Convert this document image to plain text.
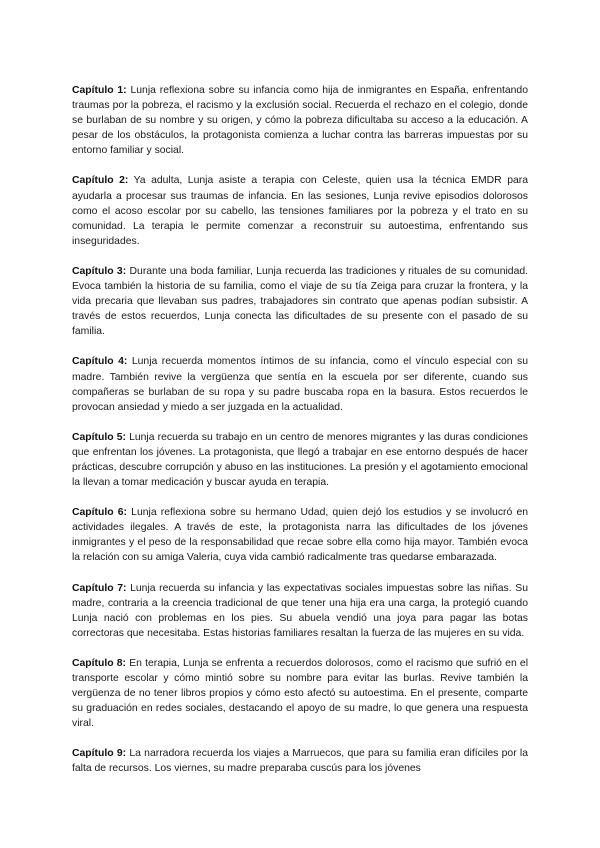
Capítulo 1: Lunja reflexiona sobre su infancia como hija de inmigrantes en España, enfrentando traumas por la pobreza, el racismo y la exclusión social. Recuerda el rechazo en el colegio, donde se burlaban de su nombre y su origen, y cómo la pobreza dificultaba su acceso a la educación. A pesar de los obstáculos, la protagonista comienza a luchar contra las barreras impuestas por su entorno familiar y social.

Capítulo 2: Ya adulta, Lunja asiste a terapia con Celeste, quien usa la técnica EMDR para ayudarla a procesar sus traumas de infancia. En las sesiones, Lunja revive episodios dolorosos como el acoso escolar por su cabello, las tensiones familiares por la pobreza y el trato en su comunidad. La terapia le permite comenzar a reconstruir su autoestima, enfrentando sus inseguridades.

Capítulo 3: Durante una boda familiar, Lunja recuerda las tradiciones y rituales de su comunidad. Evoca también la historia de su familia, como el viaje de su tía Zeiga para cruzar la frontera, y la vida precaria que llevaban sus padres, trabajadores sin contrato que apenas podían subsistir. A través de estos recuerdos, Lunja conecta las dificultades de su presente con el pasado de su familia.

Capítulo 4: Lunja recuerda momentos íntimos de su infancia, como el vínculo especial con su madre. También revive la vergüenza que sentía en la escuela por ser diferente, cuando sus compañeras se burlaban de su ropa y su padre buscaba ropa en la basura. Estos recuerdos le provocan ansiedad y miedo a ser juzgada en la actualidad.

Capítulo 5: Lunja recuerda su trabajo en un centro de menores migrantes y las duras condiciones que enfrentan los jóvenes. La protagonista, que llegó a trabajar en ese entorno después de hacer prácticas, descubre corrupción y abuso en las instituciones. La presión y el agotamiento emocional la llevan a tomar medicación y buscar ayuda en terapia.

Capítulo 6: Lunja reflexiona sobre su hermano Udad, quien dejó los estudios y se involucró en actividades ilegales. A través de este, la protagonista narra las dificultades de los jóvenes inmigrantes y el peso de la responsabilidad que recae sobre ella como hija mayor. También evoca la relación con su amiga Valeria, cuya vida cambió radicalmente tras quedarse embarazada.

Capítulo 7: Lunja recuerda su infancia y las expectativas sociales impuestas sobre las niñas. Su madre, contraria a la creencia tradicional de que tener una hija era una carga, la protegió cuando Lunja nació con problemas en los pies. Su abuela vendió una joya para pagar las botas correctoras que necesitaba. Estas historias familiares resaltan la fuerza de las mujeres en su vida.

Capítulo 8: En terapia, Lunja se enfrenta a recuerdos dolorosos, como el racismo que sufrió en el transporte escolar y cómo mintió sobre su nombre para evitar las burlas. Revive también la vergüenza de no tener libros propios y cómo esto afectó su autoestima. En el presente, comparte su graduación en redes sociales, destacando el apoyo de su madre, lo que genera una respuesta viral.

Capítulo 9: La narradora recuerda los viajes a Marruecos, que para su familia eran difíciles por la falta de recursos. Los viernes, su madre preparaba cuscús para los jóvenes
